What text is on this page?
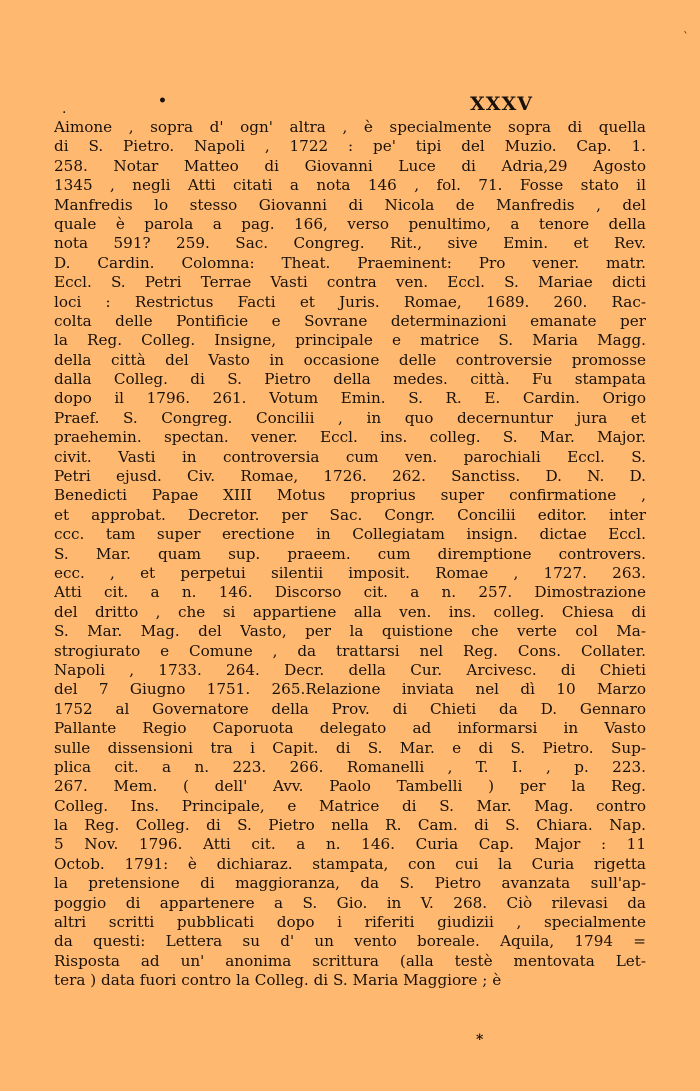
`
.	•	XXXV
Aimone , sopra d' ogn' altra , è specialmente sopra di quella
di S. Pietro. Napoli , 1722 : pe' tipi del Muzio. Cap. 1.
258. Notar Matteo di Giovanni Luce di Adria,29 Agosto
1345 , negli Atti citati a nota 146 , fol. 71. Fosse stato il
Manfredis lo stesso Giovanni di Nicola de Manfredis , del
quale è parola a pag. 166, verso penultimo, a tenore della
nota 591? 259. Sac. Congreg. Rit., sive Emin. et Rev.
D. Cardin. Colomna: Theat. Praeminent: Pro vener. matr.
Eccl. S. Petri Terrae Vasti contra ven. Eccl. S. Mariae dicti
loci : Restrictus Facti et Juris. Romae, 1689. 260. Rac-
colta delle Pontificie e Sovrane determinazioni emanate per
la Reg. Colleg. Insigne, principale e matrice S. Maria Magg.
della città del Vasto in occasione delle controversie promosse
dalla Colleg. di S. Pietro della medes. città. Fu stampata
dopo il 1796. 261. Votum Emin. S. R. E. Cardin. Origo
Praef. S. Congreg. Concilii , in quo decernuntur jura et
praehemin. spectan. vener. Eccl. ins. colleg. S. Mar. Major.
civit. Vasti in controversia cum ven. parochiali Eccl. S.
Petri ejusd. Civ. Romae, 1726. 262. Sanctiss. D. N. D.
Benedicti Papae XIII Motus proprius super confirmatione ,
et approbat. Decretor. per Sac. Congr. Concilii editor. inter
ccc. tam super erectione in Collegiatam insign. dictae Eccl.
S. Mar. quam sup. praeem. cum diremptione controvers.
ecc. , et perpetui silentii imposit. Romae , 1727. 263.
Atti cit. a n. 146. Discorso cit. a n. 257. Dimostrazione
del dritto , che si appartiene alla ven. ins. colleg. Chiesa di
S. Mar. Mag. del Vasto, per la quistione che verte col Ma-
strogiurato e Comune , da trattarsi nel Reg. Cons. Collater.
Napoli , 1733. 264. Decr. della Cur. Arcivesc. di Chieti
del 7 Giugno 1751. 265.Relazione inviata nel dì 10 Marzo
1752 al Governatore della Prov. di Chieti da D. Gennaro
Pallante Regio Caporuota delegato ad informarsi in Vasto
sulle dissensioni tra i Capit. di S. Mar. e di S. Pietro. Sup-
plica cit. a n. 223. 266. Romanelli , T. I. , p. 223.
267. Mem. ( dell' Avv. Paolo Tambelli ) per la Reg.
Colleg. Ins. Principale, e Matrice di S. Mar. Mag. contro
la Reg. Colleg. di S. Pietro nella R. Cam. di S. Chiara. Nap.
5 Nov. 1796. Atti cit. a n. 146. Curia Cap. Major : 11
Octob. 1791: è dichiaraz. stampata, con cui la Curia rigetta
la pretensione di maggioranza, da S. Pietro avanzata sull'ap-
poggio di appartenere a S. Gio. in V. 268. Ciò rilevasi da
altri scritti pubblicati dopo i riferiti giudizii , specialmente
da questi: Lettera su d' un vento boreale. Aquila, 1794 =
Risposta ad un' anonima scrittura (alla testè mentovata Let-
tera ) data fuori contro la Colleg. di S. Maria Maggiore ; è
*
